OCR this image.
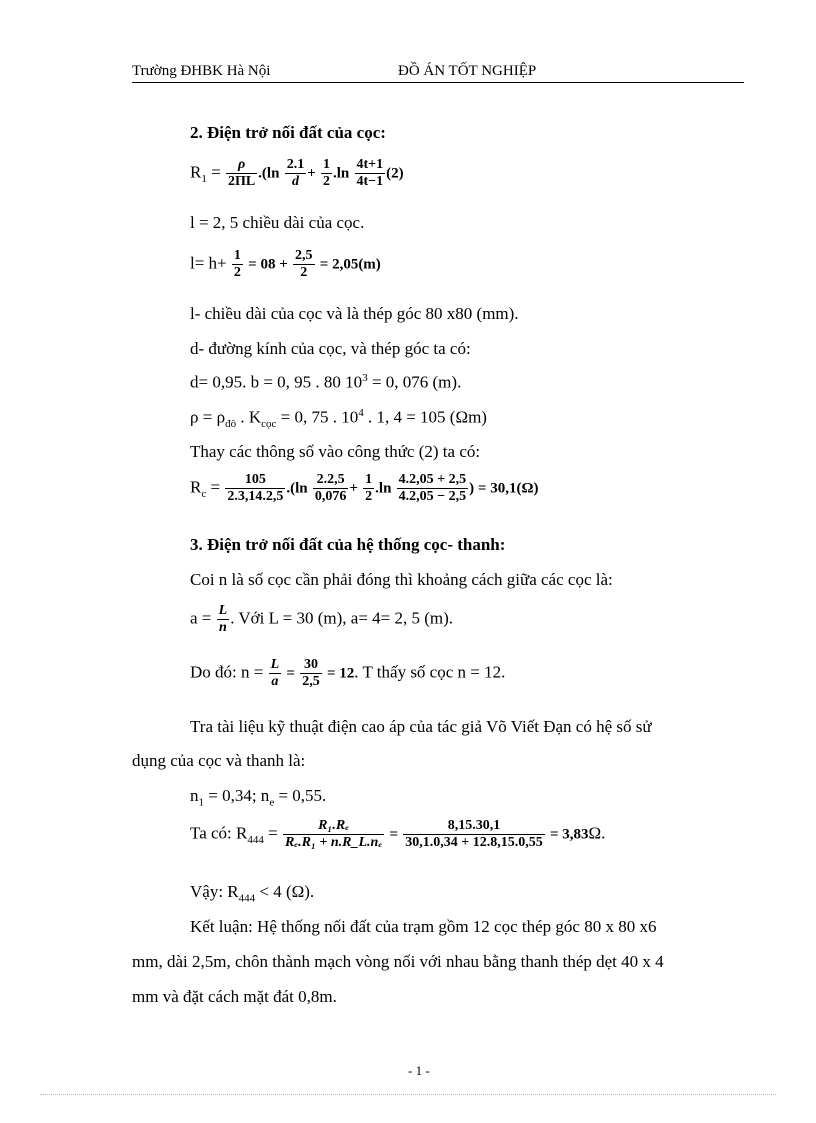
Trường ĐHBK Hà Nội	ĐỒ ÁN TỐT NGHIỆP
2. Điện trở nối đất của cọc:
$R_1 = \frac{\rho}{2\Pi L} .(\ln \frac{2.1}{d} + \frac{1}{2} .\ln \frac{4t+1}{4t-1} (2)$
l = 2, 5 chiều dài của cọc.
$l= h+ \frac{1}{2} = 08 + \frac{2,5}{2} = 2,05(m)$
l- chiều dài của cọc và là thép góc 80 x80 (mm).
d- đường kính của cọc, và thép góc ta có:
d= 0,95. b = 0, 95 . 80 $10^3 = 0$, 076 (m).
$\rho = \rho_{đô}$ . $K_{cọc} = 0$, 75 . $10^4$ . 1, 4 = 105 (Ωm)
Thay các thông số vào công thức (2) ta có:
$R_c = \frac{105}{2.3,14.2,5} .(\ln \frac{2.2,5}{0,076} + \frac{1}{2} .\ln \frac{4.2,05 + 2,5}{4.2,05 - 2,5}$ ) = 30,1(Ω)
3. Điện trở nối đất của hệ thống cọc- thanh:
Coi n là số cọc cần phải đóng thì khoảng cách giữa các cọc là:
$a = \frac{L}{n}$ . Với L = 30 (m), a= 4= 2, 5 (m).
Do đó: $n = \frac{L}{a} = \frac{30}{2,5} = 12$. T thấy số cọc n = 12.
Tra tài liệu kỹ thuật điện cao áp của tác giả Võ Viết Đạn có hệ số sử
dụng của cọc và thanh là:
$n_1 = 0,34$; $n_e = 0,55$.
Ta có: $R_{444} = \frac{\text{R₁.Rₑ}}{\text{Rₑ.R₁ + n.R\_L.nₑ}} = \frac{8,15.30,1}{30,1.0,34 + 12.8,15.0,55} = 3,83\Omega$.
Vậy: $R_{444} < 4$ (Ω).
Kết luận: Hệ thống nối đất của trạm gồm 12 cọc thép góc 80 x 80 x6
mm, dài 2,5m, chôn thành mạch vòng nối với nhau bằng thanh thép dẹt 40 x 4
mm và đặt cách mặt đát 0,8m.
- 1 -
